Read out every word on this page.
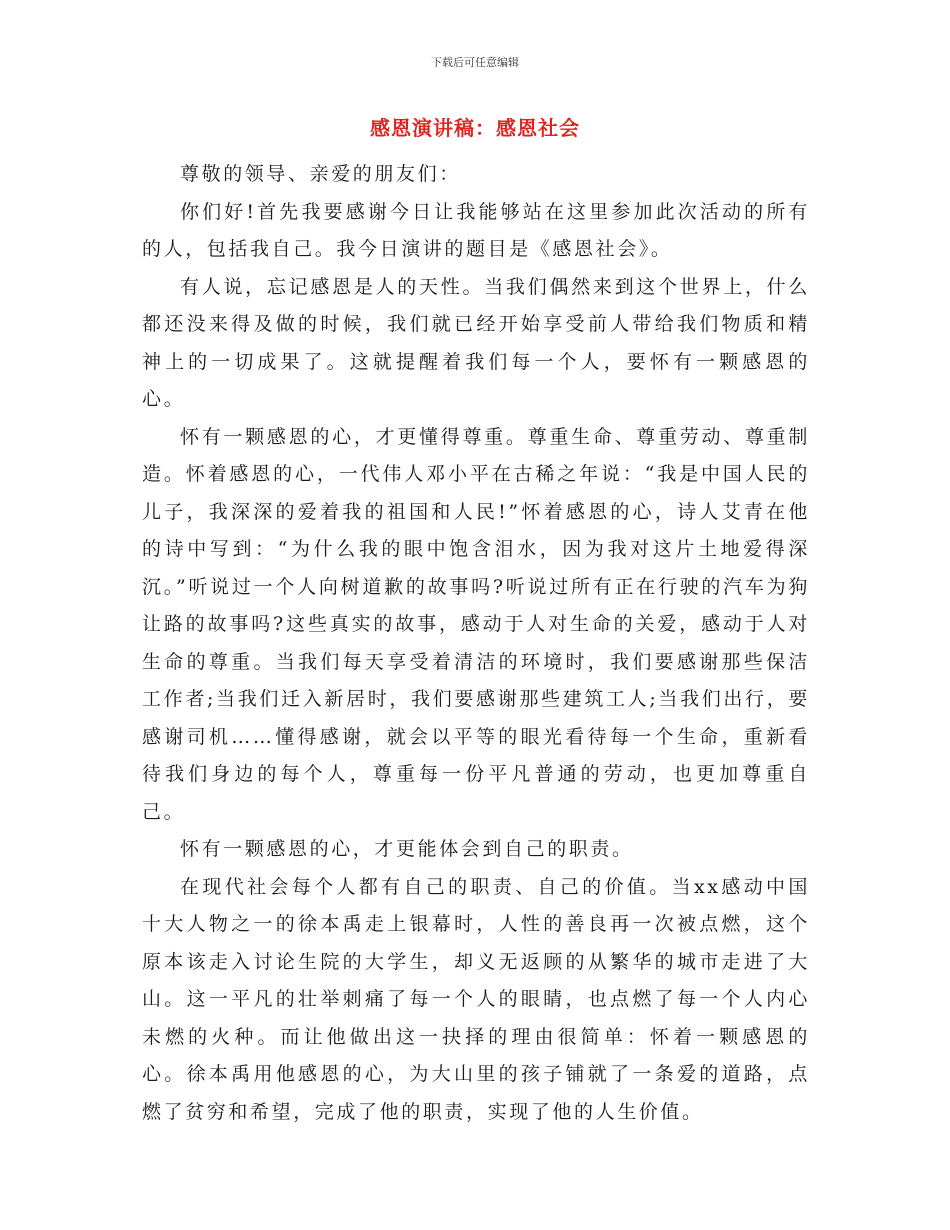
下载后可任意编辑
感恩演讲稿：感恩社会

尊敬的领导、亲爱的朋友们：

你们好!首先我要感谢今日让我能够站在这里参加此次活动的所有的人，包括我自己。我今日演讲的题目是《感恩社会》。

有人说，忘记感恩是人的天性。当我们偶然来到这个世界上，什么都还没来得及做的时候，我们就已经开始享受前人带给我们物质和精神上的一切成果了。这就提醒着我们每一个人，要怀有一颗感恩的心。

怀有一颗感恩的心，才更懂得尊重。尊重生命、尊重劳动、尊重制造。怀着感恩的心，一代伟人邓小平在古稀之年说：“我是中国人民的儿子，我深深的爱着我的祖国和人民!”怀着感恩的心，诗人艾青在他的诗中写到：“为什么我的眼中饱含泪水，因为我对这片土地爱得深沉。”听说过一个人向树道歉的故事吗?听说过所有正在行驶的汽车为狗让路的故事吗?这些真实的故事，感动于人对生命的关爱，感动于人对生命的尊重。当我们每天享受着清洁的环境时，我们要感谢那些保洁工作者;当我们迁入新居时，我们要感谢那些建筑工人;当我们出行，要感谢司机……懂得感谢，就会以平等的眼光看待每一个生命，重新看待我们身边的每个人，尊重每一份平凡普通的劳动，也更加尊重自己。

怀有一颗感恩的心，才更能体会到自己的职责。

在现代社会每个人都有自己的职责、自己的价值。当xx感动中国十大人物之一的徐本禹走上银幕时，人性的善良再一次被点燃，这个原本该走入讨论生院的大学生，却义无返顾的从繁华的城市走进了大山。这一平凡的壮举刺痛了每一个人的眼睛，也点燃了每一个人内心未燃的火种。而让他做出这一抉择的理由很简单：怀着一颗感恩的心。徐本禹用他感恩的心，为大山里的孩子铺就了一条爱的道路，点燃了贫穷和希望，完成了他的职责，实现了他的人生价值。
